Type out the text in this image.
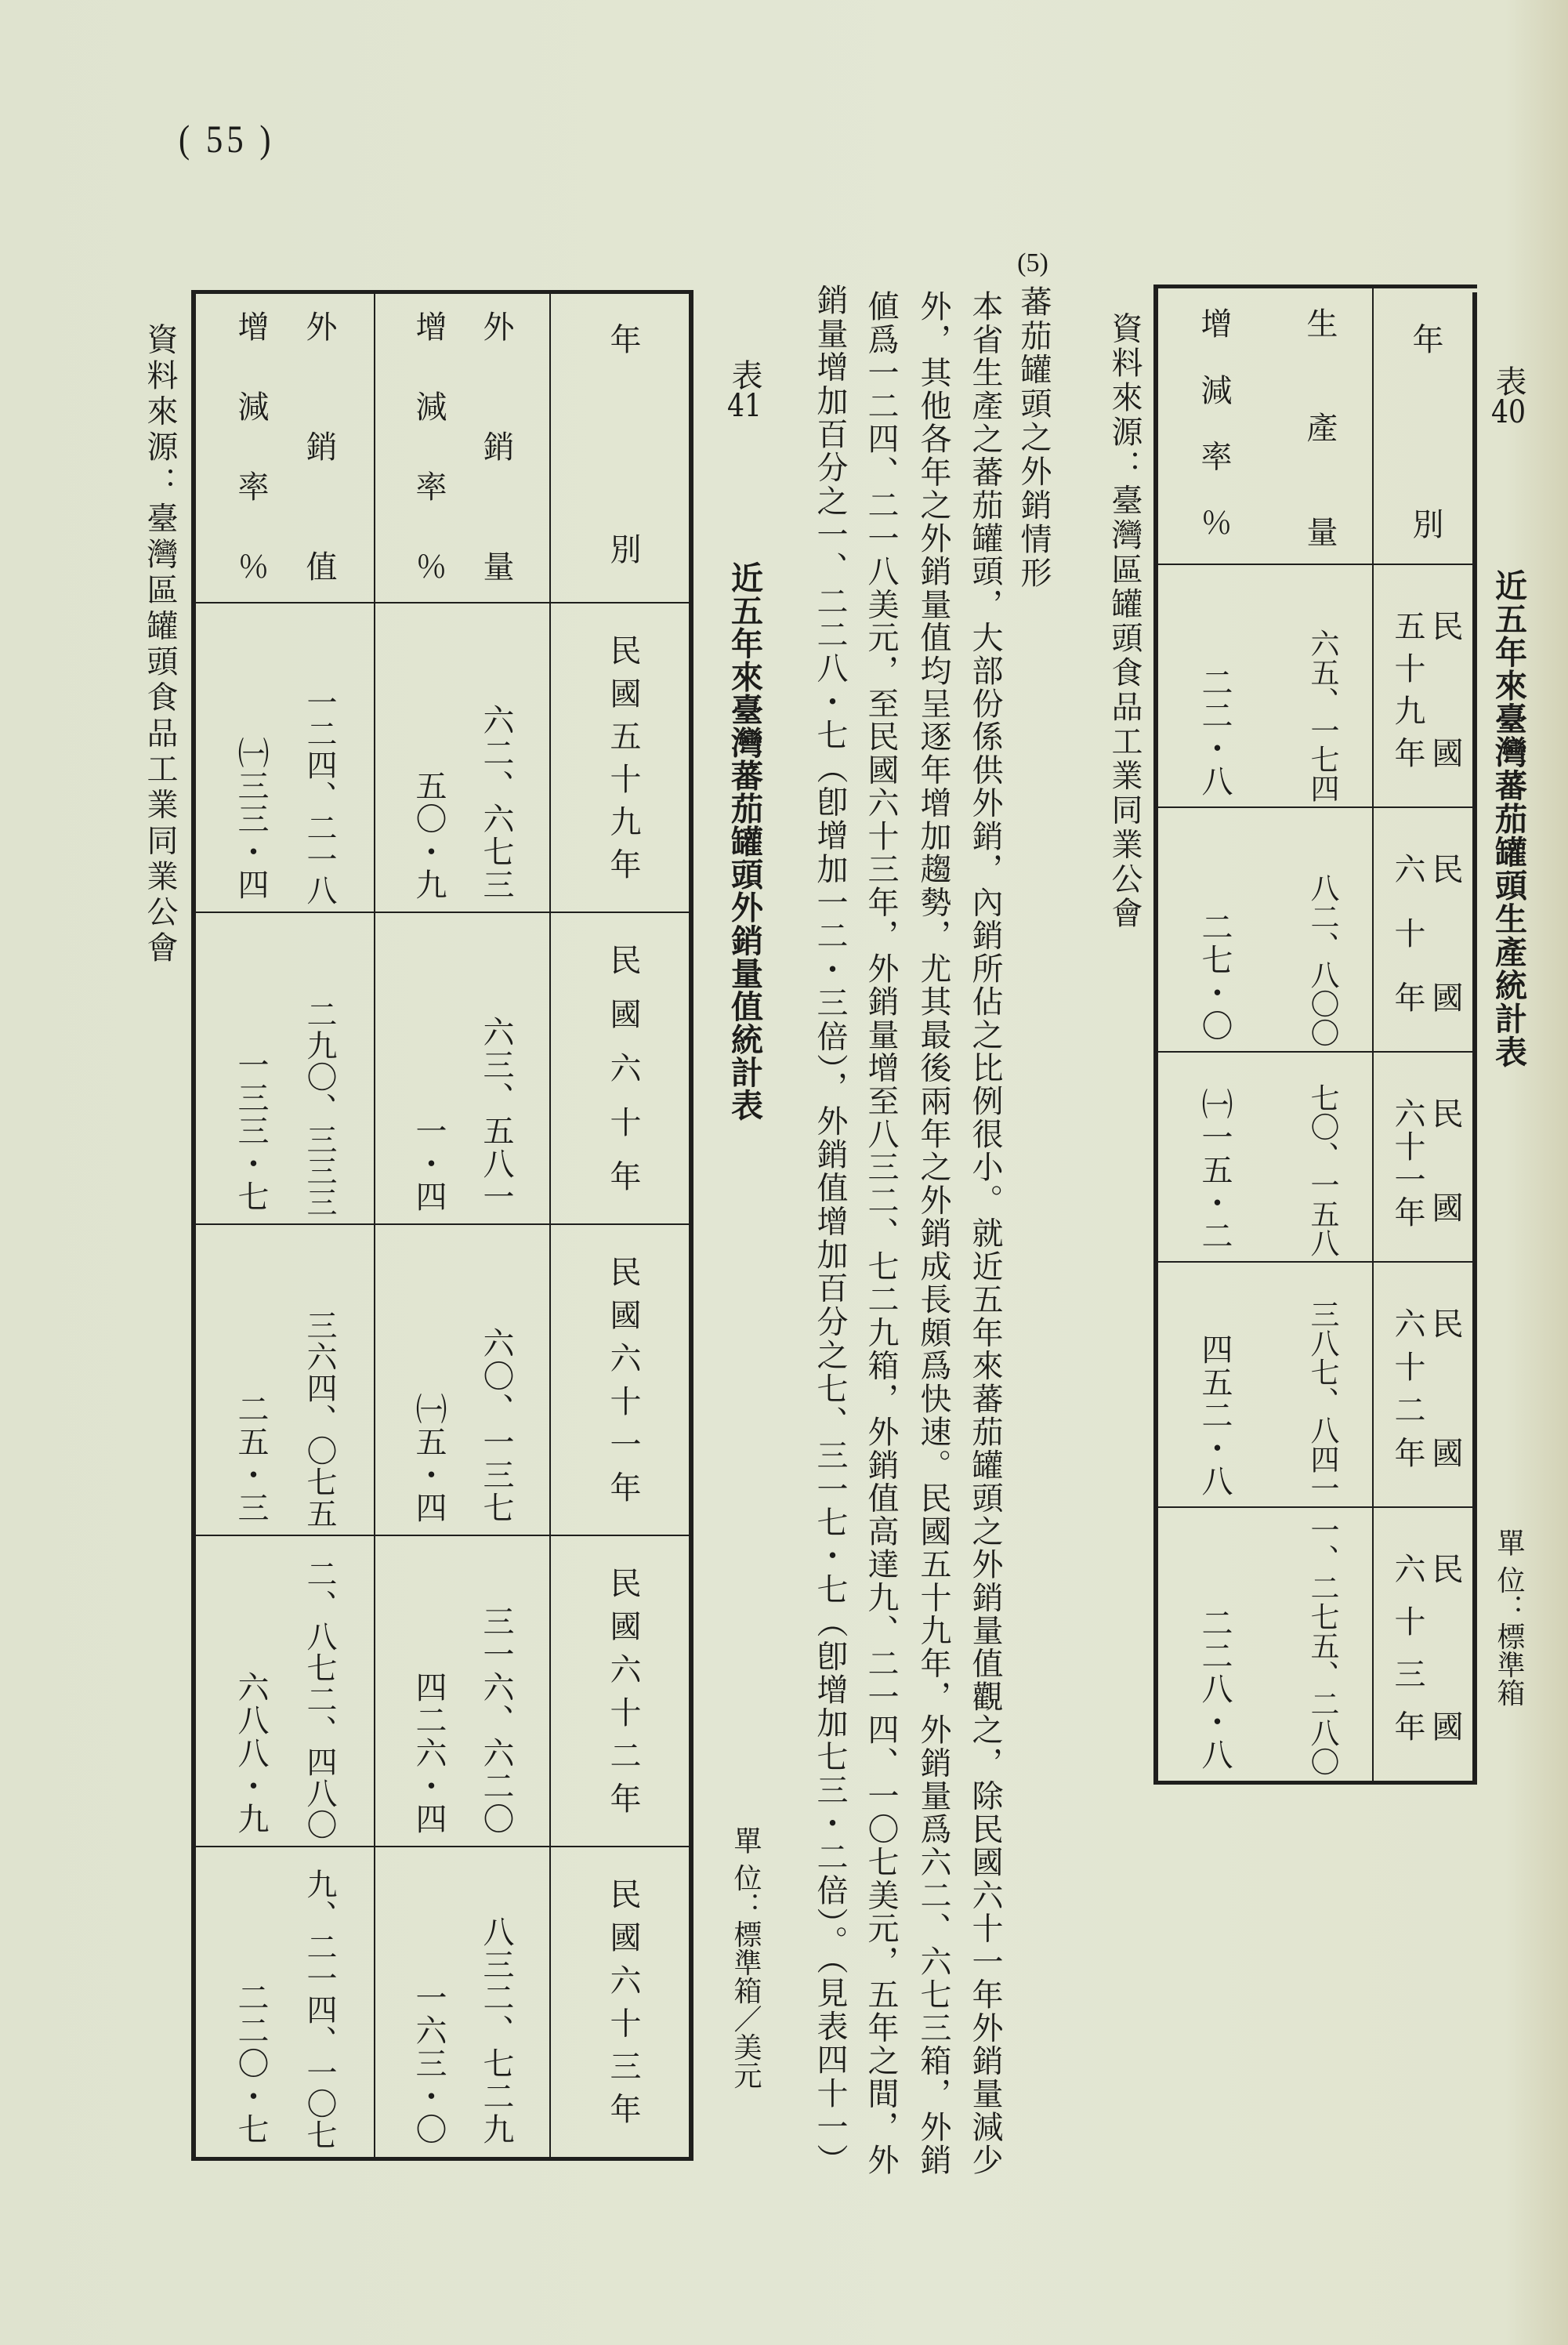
( 55 )
表40
近五年來臺灣蕃茄罐頭生產統計表
單 位：標準箱
年別
生產量
增減率％
民國
五十九年
六五、一七四
二二・八
民國
六十年
八二、八〇〇
二七・〇
民國
六十一年
七〇、一五八
㈠一五・二
民國
六十二年
三八七、八四一
四五二・八
民國
六十三年
一、二七五、二八〇
二二八・八
資料來源：臺灣區罐頭食品工業同業公會
(5)
蕃茄罐頭之外銷情形
本省生產之蕃茄罐頭，大部份係供外銷，內銷所佔之比例很小。就近五年來蕃茄罐頭之外銷量值觀之，除民國六十一年外銷量減少
外，其他各年之外銷量值均呈逐年增加趨勢，尤其最後兩年之外銷成長頗爲快速。民國五十九年，外銷量爲六二、六七三箱，外銷
値爲一二四、二一八美元，至民國六十三年，外銷量增至八三二、七二九箱，外銷值高達九、二一四、一〇七美元，五年之間，外
銷量增加百分之一、二二八・七（卽增加一二・三倍），外銷值增加百分之七、三一七・七（卽增加七三・二倍）。（見表四十一）
表41
近五年來臺灣蕃茄罐頭外銷量值統計表
單 位：標準箱／美元
年別
外銷量
增減率％
外銷值
增減率％
民國五十九年
六二、六七三
五〇・九
一二四、二一八
㈠三三・四
民國六十年
六三、五八一
一・四
二九〇、三三三
一三三・七
民國六十一年
六〇、一三七
㈠五・四
三六四、〇七五
二五・三
民國六十二年
三一六、六二〇
四二六・四
二、八七二、四八〇
六八八・九
民國六十三年
八三二、七二九
一六三・〇
九、二一四、一〇七
二二〇・七
資料來源：臺灣區罐頭食品工業同業公會
